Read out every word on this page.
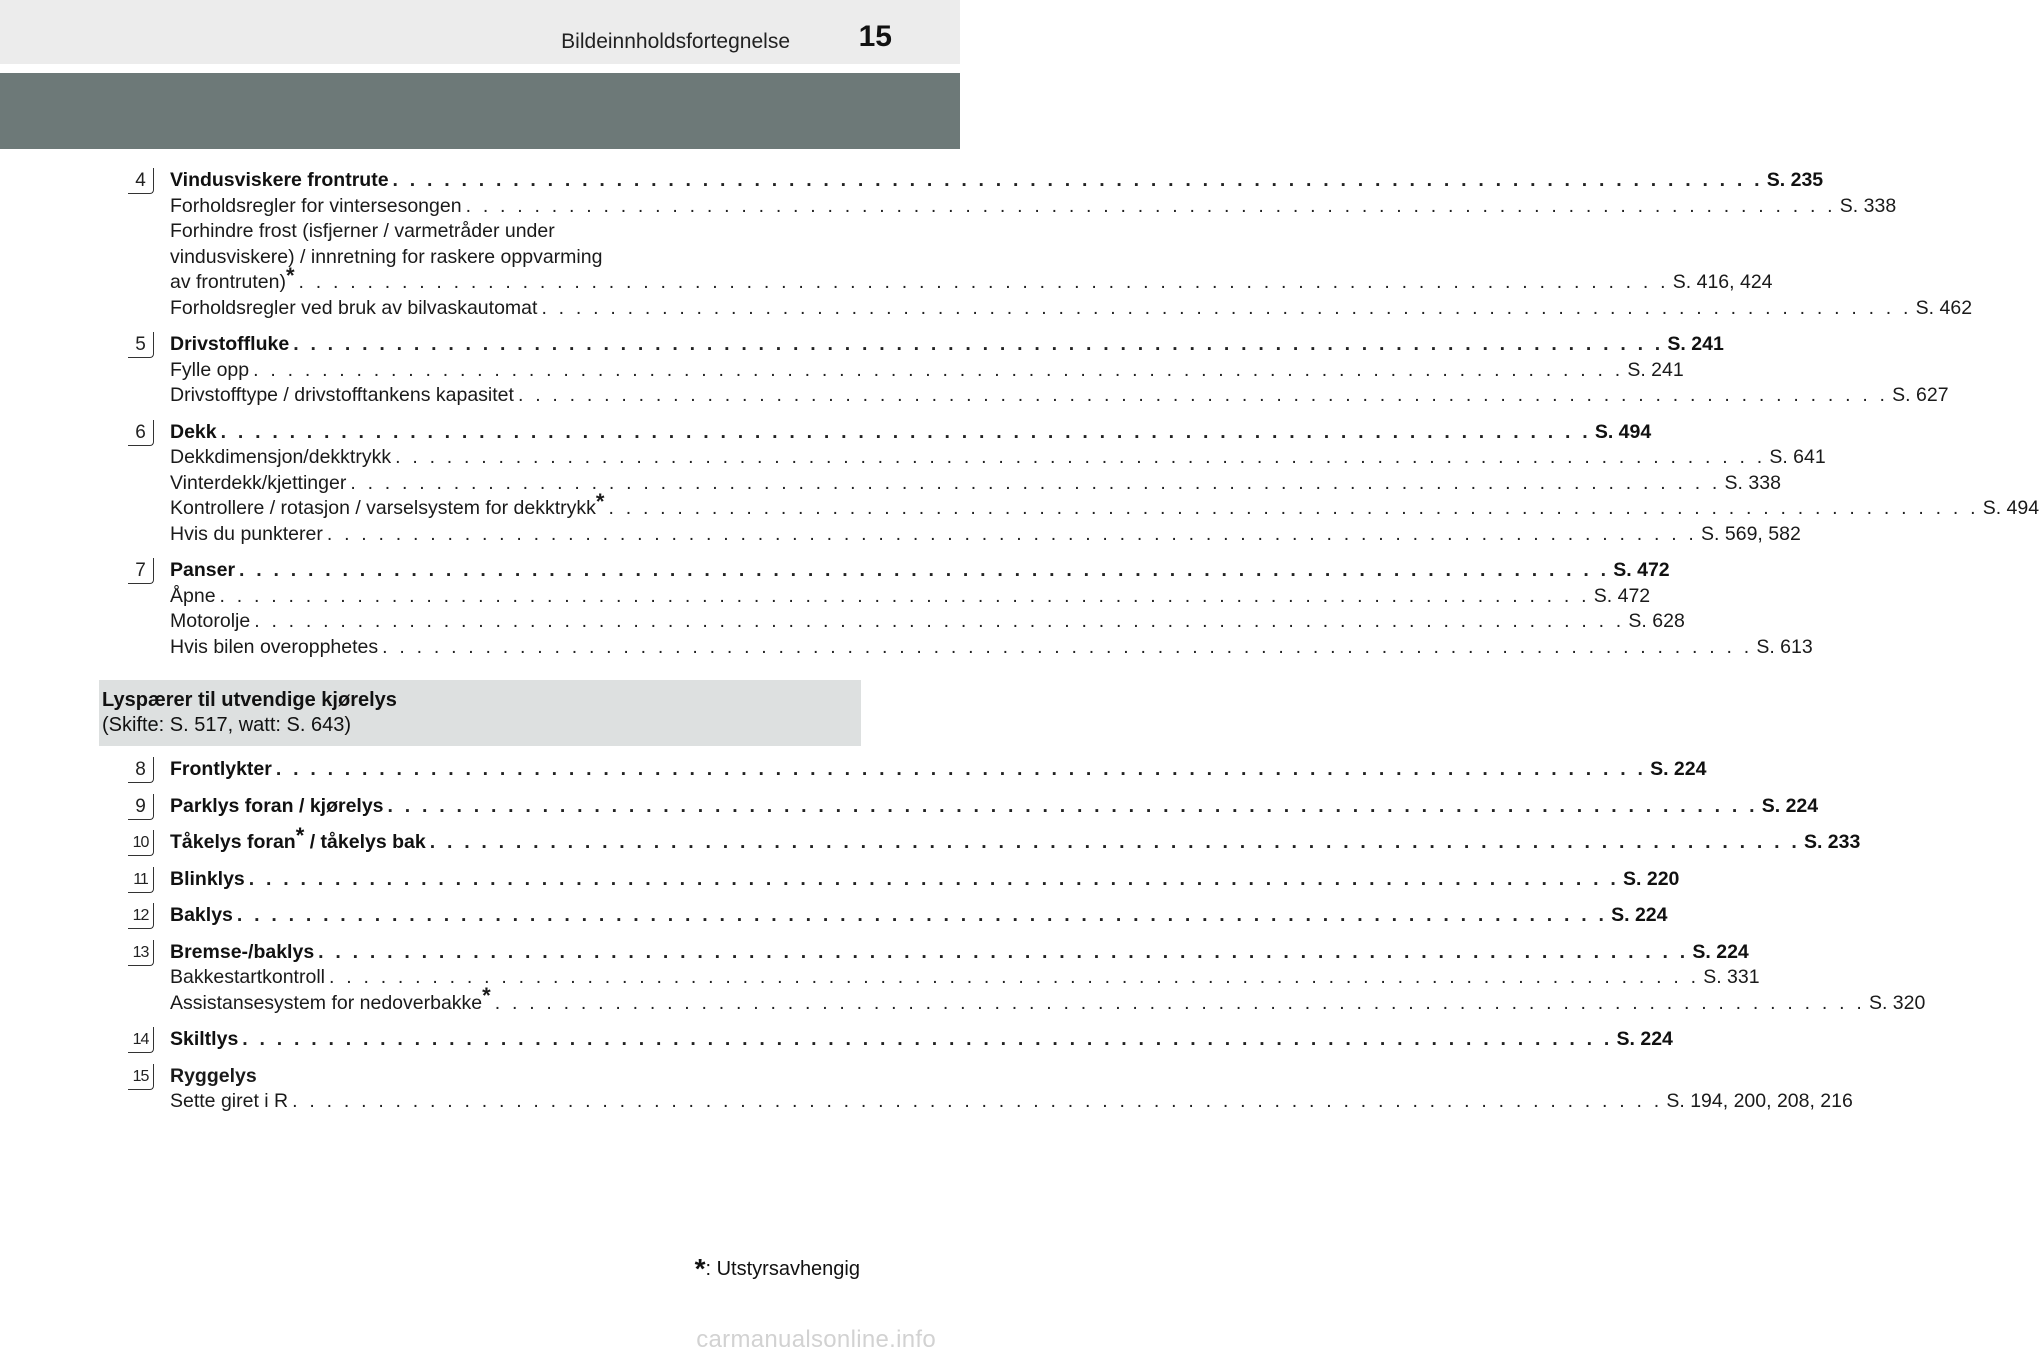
Bildeinnholdsfortegnelse 15
4	Vindusviskere frontrute . . . . . . . . . . . . . . . . . . . . . . . . . . . . . . . . . . . . . . . . . . . . . . . . . . . . . . . . . . . . . . . . . . . . . . . . . . . . . . . . S. 235
Forholdsregler for vintersesongen . . . . . . . . . . . . . . . . . . . . . . . . . . . . . . . . . . . . . . . . . . . . . . . . . . . . . . . . . . . . . . . . . . . . . . . . . . . . . . . . S. 338
Forhindre frost (isfjerner / varmetråder under
vindusviskere) / innretning for raskere oppvarming
av frontruten)* . . . . . . . . . . . . . . . . . . . . . . . . . . . . . . . . . . . . . . . . . . . . . . . . . . . . . . . . . . . . . . . . . . . . . . . . . . . . . . . . S. 416, 424
Forholdsregler ved bruk av bilvaskautomat . . . . . . . . . . . . . . . . . . . . . . . . . . . . . . . . . . . . . . . . . . . . . . . . . . . . . . . . . . . . . . . . . . . . . . . . . . . . . . . . S. 462
5	Drivstoffluke . . . . . . . . . . . . . . . . . . . . . . . . . . . . . . . . . . . . . . . . . . . . . . . . . . . . . . . . . . . . . . . . . . . . . . . . . . . . . . . . S. 241
Fylle opp . . . . . . . . . . . . . . . . . . . . . . . . . . . . . . . . . . . . . . . . . . . . . . . . . . . . . . . . . . . . . . . . . . . . . . . . . . . . . . . . S. 241
Drivstofftype / drivstofftankens kapasitet . . . . . . . . . . . . . . . . . . . . . . . . . . . . . . . . . . . . . . . . . . . . . . . . . . . . . . . . . . . . . . . . . . . . . . . . . . . . . . . . S. 627
6	Dekk . . . . . . . . . . . . . . . . . . . . . . . . . . . . . . . . . . . . . . . . . . . . . . . . . . . . . . . . . . . . . . . . . . . . . . . . . . . . . . . . S. 494
Dekkdimensjon/dekktrykk . . . . . . . . . . . . . . . . . . . . . . . . . . . . . . . . . . . . . . . . . . . . . . . . . . . . . . . . . . . . . . . . . . . . . . . . . . . . . . . . S. 641
Vinterdekk/kjettinger . . . . . . . . . . . . . . . . . . . . . . . . . . . . . . . . . . . . . . . . . . . . . . . . . . . . . . . . . . . . . . . . . . . . . . . . . . . . . . . . S. 338
Kontrollere / rotasjon / varselsystem for dekktrykk* . . . . . . . . . . . . . . . . . . . . . . . . . . . . . . . . . . . . . . . . . . . . . . . . . . . . . . . . . . . . . . . . . . . . . . . . . . . . . . . . S. 494
Hvis du punkterer . . . . . . . . . . . . . . . . . . . . . . . . . . . . . . . . . . . . . . . . . . . . . . . . . . . . . . . . . . . . . . . . . . . . . . . . . . . . . . . . S. 569, 582
7	Panser . . . . . . . . . . . . . . . . . . . . . . . . . . . . . . . . . . . . . . . . . . . . . . . . . . . . . . . . . . . . . . . . . . . . . . . . . . . . . . . . S. 472
Åpne . . . . . . . . . . . . . . . . . . . . . . . . . . . . . . . . . . . . . . . . . . . . . . . . . . . . . . . . . . . . . . . . . . . . . . . . . . . . . . . . S. 472
Motorolje . . . . . . . . . . . . . . . . . . . . . . . . . . . . . . . . . . . . . . . . . . . . . . . . . . . . . . . . . . . . . . . . . . . . . . . . . . . . . . . . S. 628
Hvis bilen overopphetes . . . . . . . . . . . . . . . . . . . . . . . . . . . . . . . . . . . . . . . . . . . . . . . . . . . . . . . . . . . . . . . . . . . . . . . . . . . . . . . . S. 613
Lyspærer til utvendige kjørelys
(Skifte: S. 517, watt: S. 643)
8	Frontlykter . . . . . . . . . . . . . . . . . . . . . . . . . . . . . . . . . . . . . . . . . . . . . . . . . . . . . . . . . . . . . . . . . . . . . . . . . . . . . . . . S. 224
9	Parklys foran / kjørelys . . . . . . . . . . . . . . . . . . . . . . . . . . . . . . . . . . . . . . . . . . . . . . . . . . . . . . . . . . . . . . . . . . . . . . . . . . . . . . . . S. 224
10 Tåkelys foran* / tåkelys bak . . . . . . . . . . . . . . . . . . . . . . . . . . . . . . . . . . . . . . . . . . . . . . . . . . . . . . . . . . . . . . . . . . . . . . . . . . . . . . . . S. 233
11	Blinklys . . . . . . . . . . . . . . . . . . . . . . . . . . . . . . . . . . . . . . . . . . . . . . . . . . . . . . . . . . . . . . . . . . . . . . . . . . . . . . . . S. 220
12 Baklys . . . . . . . . . . . . . . . . . . . . . . . . . . . . . . . . . . . . . . . . . . . . . . . . . . . . . . . . . . . . . . . . . . . . . . . . . . . . . . . . S. 224
13 Bremse-/baklys . . . . . . . . . . . . . . . . . . . . . . . . . . . . . . . . . . . . . . . . . . . . . . . . . . . . . . . . . . . . . . . . . . . . . . . . . . . . . . . . S. 224
Bakkestartkontroll . . . . . . . . . . . . . . . . . . . . . . . . . . . . . . . . . . . . . . . . . . . . . . . . . . . . . . . . . . . . . . . . . . . . . . . . . . . . . . . . S. 331
Assistansesystem for nedoverbakke* . . . . . . . . . . . . . . . . . . . . . . . . . . . . . . . . . . . . . . . . . . . . . . . . . . . . . . . . . . . . . . . . . . . . . . . . . . . . . . . . S. 320
14 Skiltlys . . . . . . . . . . . . . . . . . . . . . . . . . . . . . . . . . . . . . . . . . . . . . . . . . . . . . . . . . . . . . . . . . . . . . . . . . . . . . . . . S. 224
15 Ryggelys
Sette giret i R . . . . . . . . . . . . . . . . . . . . . . . . . . . . . . . . . . . . . . . . . . . . . . . . . . . . . . . . . . . . . . . . . . . . . . . . . . . . . . . . S. 194, 200, 208, 216
*: Utstyrsavhengig
carmanualsonline.info
